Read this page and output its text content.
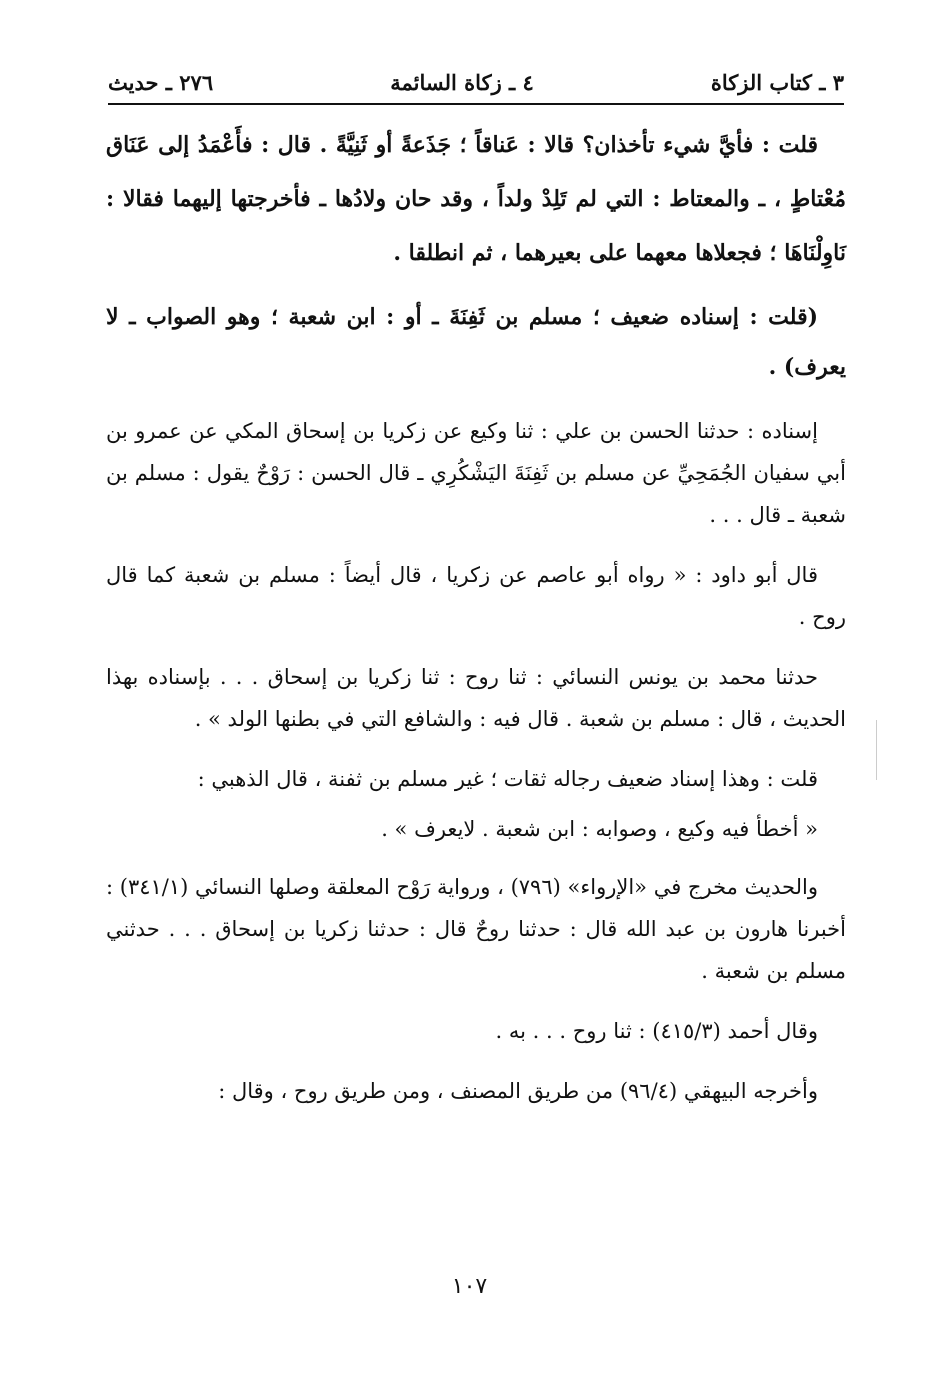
٣ ـ كتاب الزكاة
٤ ـ زكاة السائمة
٢٧٦ ـ حديث

قلت : فأيَّ شيء تأخذان؟ قالا : عَناقاً ؛ جَذَعةً أو ثَنِيَّةً . قال : فأَعْمَدُ إلى عَنَاق مُعْتاطٍ ، ـ والمعتاط : التي لم تَلِدْ ولداً ، وقد حان ولادُها ـ فأخرجتها إليهما فقالا : نَاوِلْنَاهَا ؛ فجعلاها معهما على بعيرهما ، ثم انطلقا .

(قلت : إسناده ضعيف ؛ مسلم بن ثَفِنَةَ ـ أو : ابن شعبة ؛ وهو الصواب ـ لا يعرف) .

إسناده : حدثنا الحسن بن علي : ثنا وكيع عن زكريا بن إسحاق المكي عن عمرو بن أبي سفيان الجُمَحِيِّ عن مسلم بن ثَفِنَةَ اليَشْكُرِي ـ قال الحسن : رَوْحٌ يقول : مسلم بن شعبة ـ قال . . .

قال أبو داود : « رواه أبو عاصم عن زكريا ، قال أيضاً : مسلم بن شعبة كما قال روح .

حدثنا محمد بن يونس النسائي : ثنا روح : ثنا زكريا بن إسحاق . . . بإسناده بهذا الحديث ، قال : مسلم بن شعبة . قال فيه : والشافع التي في بطنها الولد » .

قلت : وهذا إسناد ضعيف رجاله ثقات ؛ غير مسلم بن ثفنة ، قال الذهبي :

« أخطأ فيه وكيع ، وصوابه : ابن شعبة . لايعرف » .

والحديث مخرج في «الإرواء» (٧٩٦) ، ورواية رَوْح المعلقة وصلها النسائي (٣٤١/١) : أخبرنا هارون بن عبد الله قال : حدثنا روحٌ قال : حدثنا زكريا بن إسحاق . . . حدثني مسلم بن شعبة .

وقال أحمد (٤١٥/٣) : ثنا روح . . . به .

وأخرجه البيهقي (٩٦/٤) من طريق المصنف ، ومن طريق روح ، وقال :

١٠٧
